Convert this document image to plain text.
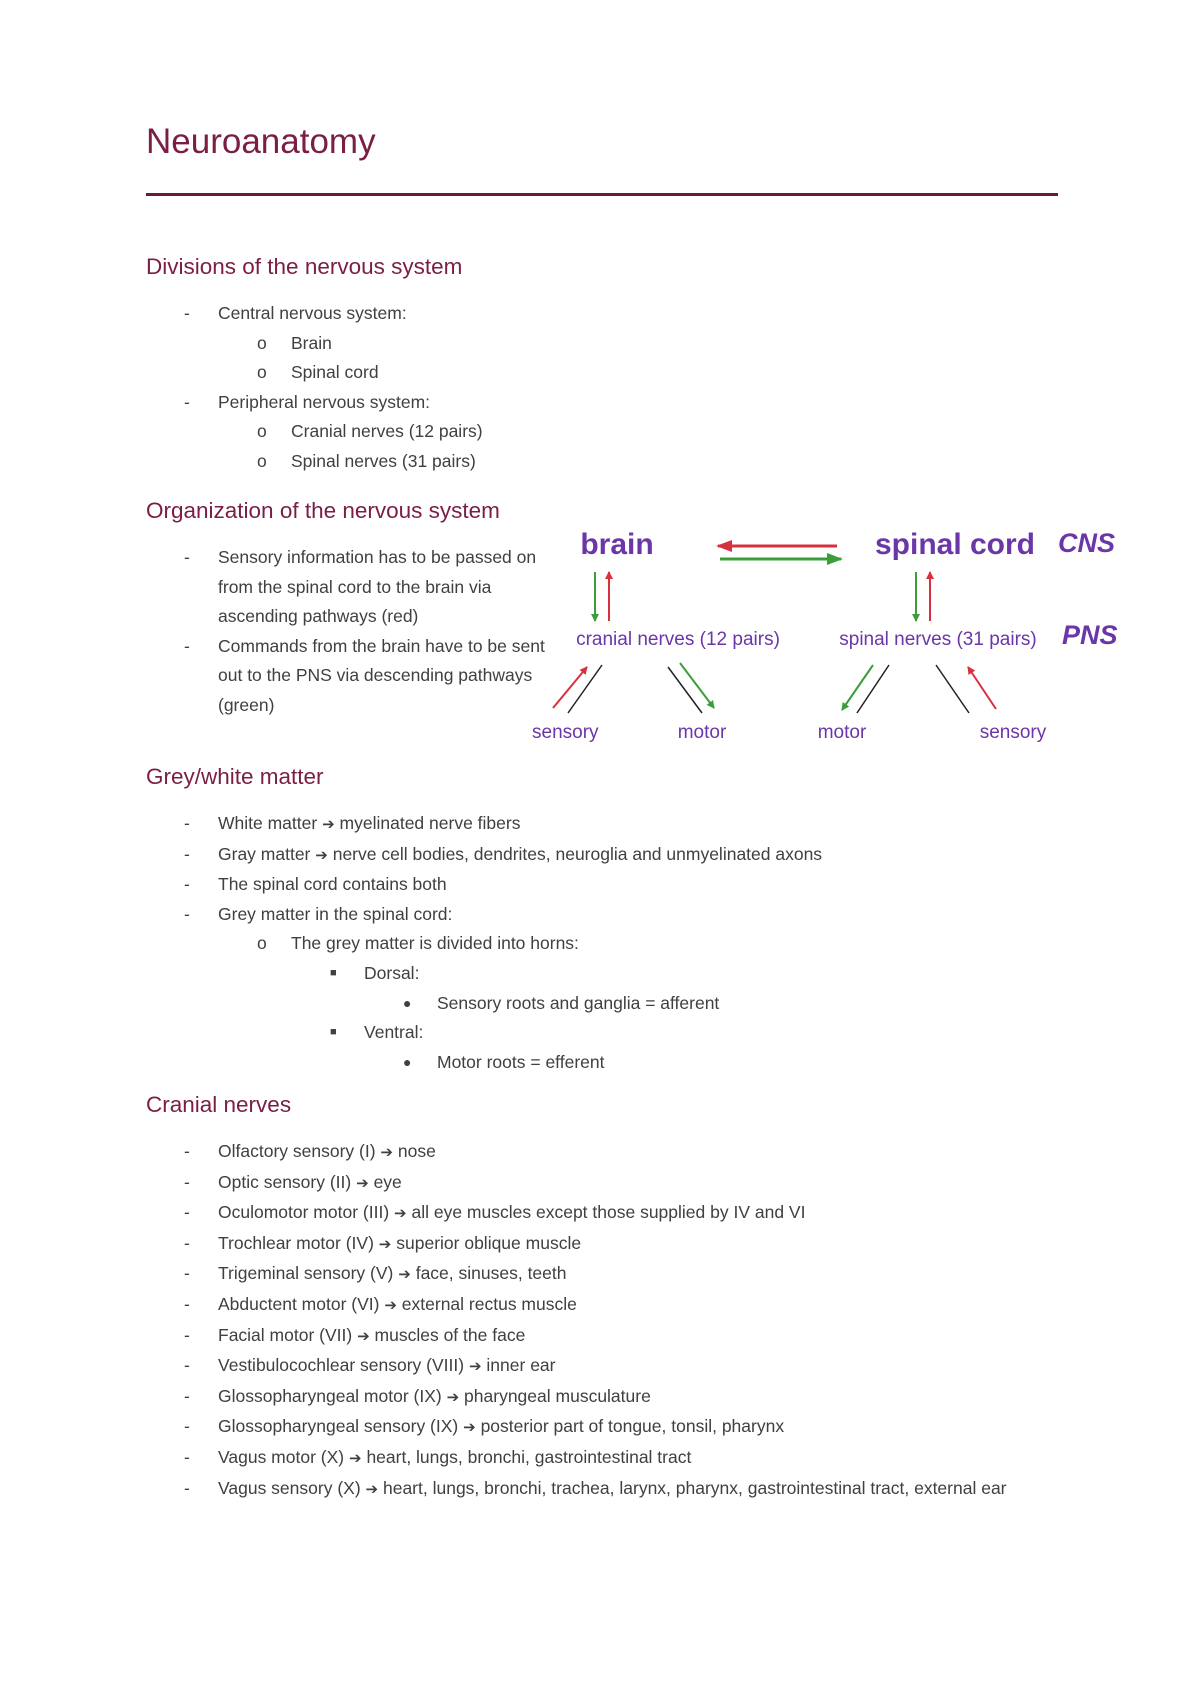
Neuroanatomy
Divisions of the nervous system
- Central nervous system:
o Brain
o Spinal cord
- Peripheral nervous system:
o Cranial nerves (12 pairs)
o Spinal nerves (31 pairs)
Organization of the nervous system
- Sensory information has to be passed on from the spinal cord to the brain via ascending pathways (red)
- Commands from the brain have to be sent out to the PNS via descending pathways (green)
brain	spinal cord CNS
cranial nerves (12 pairs)	spinal nerves (31 pairs) PNS
sensory	motor	motor	sensory
Grey/white matter
- White matter ➔ myelinated nerve fibers
- Gray matter ➔ nerve cell bodies, dendrites, neuroglia and unmyelinated axons
- The spinal cord contains both
- Grey matter in the spinal cord:
o The grey matter is divided into horns:
■ Dorsal:
● Sensory roots and ganglia = afferent
■ Ventral:
● Motor roots = efferent
Cranial nerves
- Olfactory sensory (I) ➔ nose
- Optic sensory (II) ➔ eye
- Oculomotor motor (III) ➔ all eye muscles except those supplied by IV and VI
- Trochlear motor (IV) ➔ superior oblique muscle
- Trigeminal sensory (V) ➔ face, sinuses, teeth
- Abductent motor (VI) ➔ external rectus muscle
- Facial motor (VII) ➔ muscles of the face
- Vestibulocochlear sensory (VIII) ➔ inner ear
- Glossopharyngeal motor (IX) ➔ pharyngeal musculature
- Glossopharyngeal sensory (IX) ➔ posterior part of tongue, tonsil, pharynx
- Vagus motor (X) ➔ heart, lungs, bronchi, gastrointestinal tract
- Vagus sensory (X) ➔ heart, lungs, bronchi, trachea, larynx, pharynx, gastrointestinal tract, external ear
